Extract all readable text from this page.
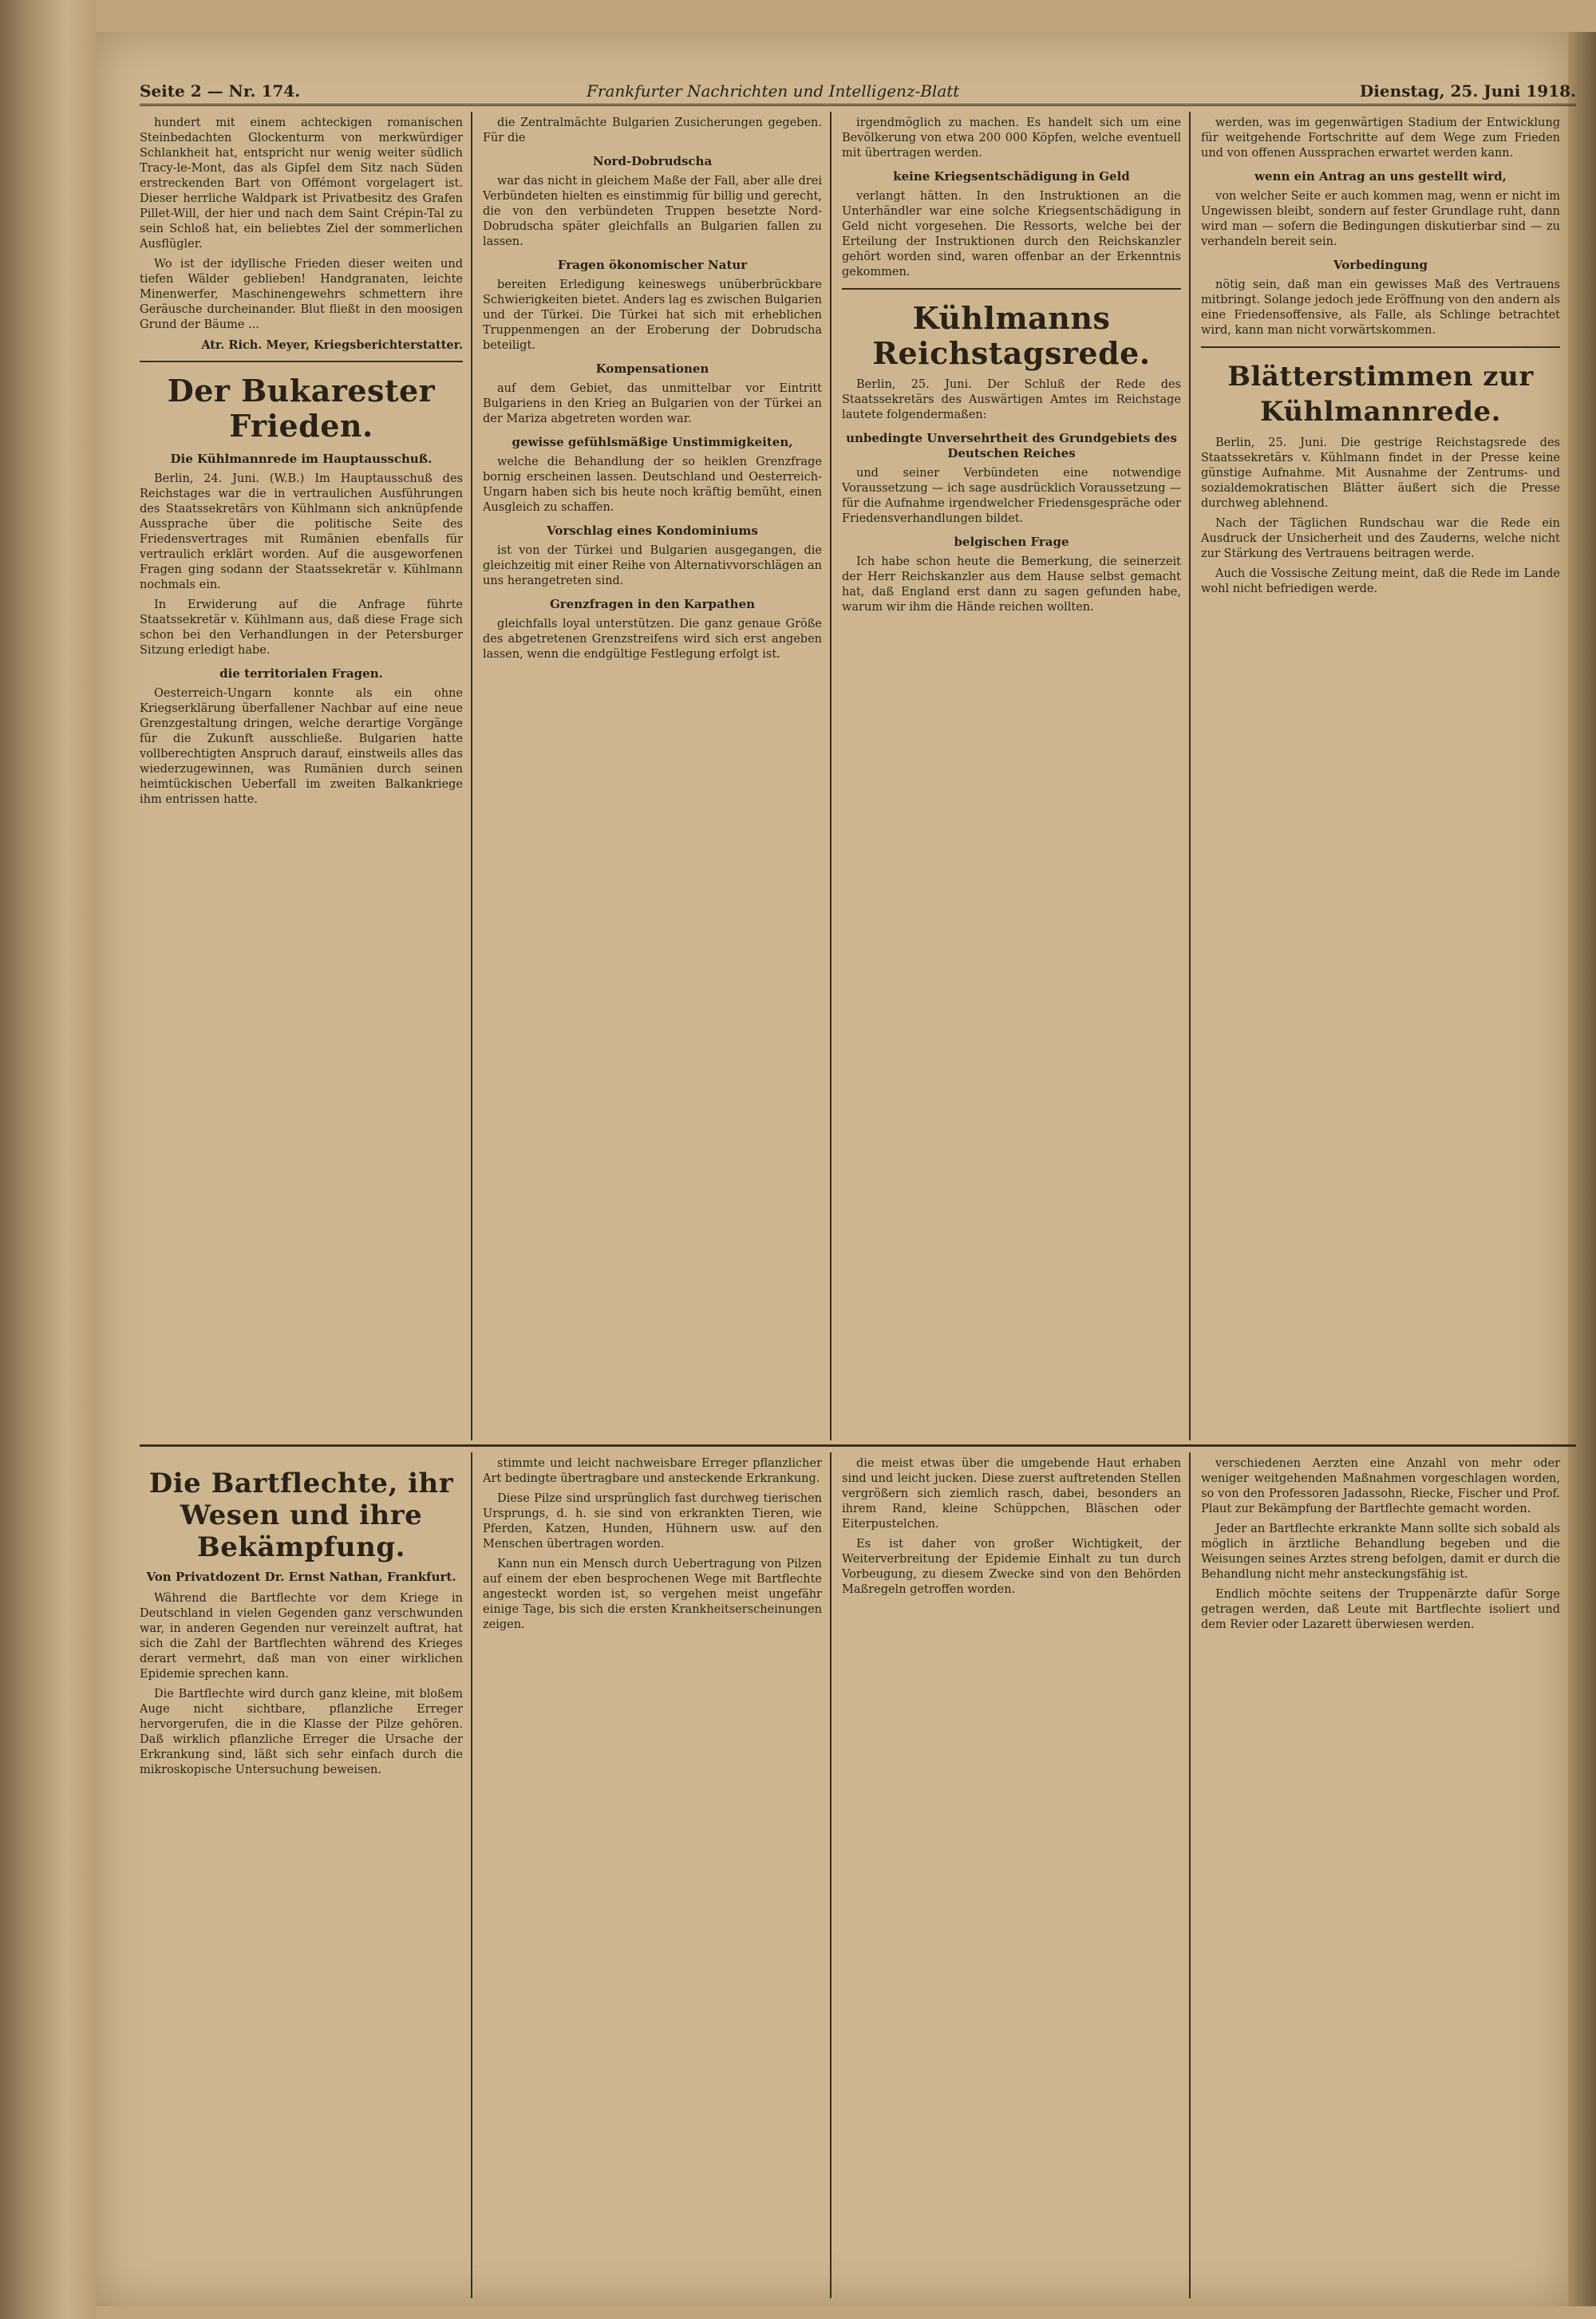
Seite 2 — Nr. 174.	Frankfurter Nachrichten und Intelligenz-Blatt	Dienstag, 25. Juni 1918.

hundert mit einem achteckigen romanischen Steinbedachten Glockenturm von merkwürdiger Schlankheit hat, entspricht nur wenig weiter südlich Tracy-le-Mont, das als Gipfel dem Sitz nach Süden erstreckenden Bart von Offémont vorgelagert ist. Dieser herrliche Waldpark ist Privatbesitz des Grafen Pillet-Will, der hier und nach dem Saint Crépin-Tal zu sein Schloß hat, ein beliebtes Ziel der sommerlichen Ausflügler.

Wo ist der idyllische Frieden dieser weiten und tiefen Wälder geblieben! Handgranaten, leichte Minenwerfer, Maschinengewehrs schmettern ihre Geräusche durcheinander. Blut fließt in den moosigen Grund der Bäume ...

Atr. Rich. Meyer, Kriegsberichterstatter.
Der Bukarester Frieden.
Die Kühlmannrede im Hauptausschuß.

Berlin, 24. Juni. (W.B.) Im Hauptausschuß des Reichstages war die in vertraulichen Ausführungen des Staatssekretärs von Kühlmann sich anknüpfende Aussprache über die politische Seite des Friedensvertrages mit Rumänien ebenfalls für vertraulich erklärt worden. Auf die ausgeworfenen Fragen ging sodann der Staatssekretär v. Kühlmann nochmals ein.

In Erwiderung auf die Anfrage führte Staatssekretär v. Kühlmann aus, daß diese Frage sich schon bei den Verhandlungen in der Petersburger Sitzung erledigt habe.

die territorialen Fragen.

Oesterreich-Ungarn konnte als ein ohne Kriegserklärung überfallener Nachbar auf eine neue Grenzgestaltung dringen, welche derartige Vorgänge für die Zukunft ausschließe. Bulgarien hatte vollberechtigten Anspruch darauf, einstweils alles das wiederzugewinnen, was Rumänien durch seinen heimtückischen Ueberfall im zweiten Balkankriege ihm entrissen hatte.

die Zentralmächte Bulgarien Zusicherungen gegeben. Für die

Nord-Dobrudscha

war das nicht in gleichem Maße der Fall, aber alle drei Verbündeten hielten es einstimmig für billig und gerecht, die von den verbündeten Truppen besetzte Nord-Dobrudscha später gleichfalls an Bulgarien fallen zu lassen.

Fragen ökonomischer Natur

bereiten Erledigung keineswegs unüberbrückbare Schwierigkeiten bietet. Anders lag es zwischen Bulgarien und der Türkei. Die Türkei hat sich mit erheblichen Truppenmengen an der Eroberung der Dobrudscha beteiligt.

Kompensationen

auf dem Gebiet, das unmittelbar vor Eintritt Bulgariens in den Krieg an Bulgarien von der Türkei an der Mariza abgetreten worden war.

gewisse gefühlsmäßige Unstimmigkeiten,

welche die Behandlung der so heiklen Grenzfrage bornig erscheinen lassen. Deutschland und Oesterreich-Ungarn haben sich bis heute noch kräftig bemüht, einen Ausgleich zu schaffen.

Vorschlag eines Kondominiums

ist von der Türkei und Bulgarien ausgegangen, die gleichzeitig mit einer Reihe von Alternativvorschlägen an uns herangetreten sind.

Grenzfragen in den Karpathen

gleichfalls loyal unterstützen. Die ganz genaue Größe des abgetretenen Grenzstreifens wird sich erst angeben lassen, wenn die endgültige Festlegung erfolgt ist.

irgendmöglich zu machen. Es handelt sich um eine Bevölkerung von etwa 200 000 Köpfen, welche eventuell mit übertragen werden.

keine Kriegsentschädigung in Geld

verlangt hätten. In den Instruktionen an die Unterhändler war eine solche Kriegsentschädigung in Geld nicht vorgesehen. Die Ressorts, welche bei der Erteilung der Instruktionen durch den Reichskanzler gehört worden sind, waren offenbar an der Erkenntnis gekommen.

Kühlmanns Reichstagsrede.

Berlin, 25. Juni. Der Schluß der Rede des Staatssekretärs des Auswärtigen Amtes im Reichstage lautete folgendermaßen:

unbedingte Unversehrtheit des Grundgebiets des Deutschen Reiches

und seiner Verbündeten eine notwendige Voraussetzung — ich sage ausdrücklich Voraussetzung — für die Aufnahme irgendwelcher Friedensgespräche oder Friedensverhandlungen bildet.

belgischen Frage

Ich habe schon heute die Bemerkung, die seinerzeit der Herr Reichskanzler aus dem Hause selbst gemacht hat, daß England erst dann zu sagen gefunden habe, warum wir ihm die Hände reichen wollten.

werden, was im gegenwärtigen Stadium der Entwicklung für weitgehende Fortschritte auf dem Wege zum Frieden und von offenen Aussprachen erwartet werden kann.

wenn ein Antrag an uns gestellt wird,

von welcher Seite er auch kommen mag, wenn er nicht im Ungewissen bleibt, sondern auf fester Grundlage ruht, dann wird man — sofern die Bedingungen diskutierbar sind — zu verhandeln bereit sein.

Vorbedingung

nötig sein, daß man ein gewisses Maß des Vertrauens mitbringt. Solange jedoch jede Eröffnung von den andern als eine Friedensoffensive, als Falle, als Schlinge betrachtet wird, kann man nicht vorwärtskommen.

Blätterstimmen zur Kühlmannrede.

Berlin, 25. Juni. Die gestrige Reichstagsrede des Staatssekretärs v. Kühlmann findet in der Presse keine günstige Aufnahme. Mit Ausnahme der Zentrums- und sozialdemokratischen Blätter äußert sich die Presse durchweg ablehnend.

Nach der Täglichen Rundschau war die Rede ein Ausdruck der Unsicherheit und des Zauderns, welche nicht zur Stärkung des Vertrauens beitragen werde.

Auch die Vossische Zeitung meint, daß die Rede im Lande wohl nicht befriedigen werde.

Die Bartflechte, ihr Wesen und ihre Bekämpfung.
Von Privatdozent Dr. Ernst Nathan, Frankfurt.

Während die Bartflechte vor dem Kriege in Deutschland in vielen Gegenden ganz verschwunden war, in anderen Gegenden nur vereinzelt auftrat, hat sich die Zahl der Bartflechten während des Krieges derart vermehrt, daß man von einer wirklichen Epidemie sprechen kann.

Die Bartflechte wird durch ganz kleine, mit bloßem Auge nicht sichtbare, pflanzliche Erreger hervorgerufen, die in die Klasse der Pilze gehören. Daß wirklich pflanzliche Erreger die Ursache der Erkrankung sind, läßt sich sehr einfach durch die mikroskopische Untersuchung beweisen.

stimmte und leicht nachweisbare Erreger pflanzlicher Art bedingte übertragbare und ansteckende Erkrankung.

Diese Pilze sind ursprünglich fast durchweg tierischen Ursprungs, d. h. sie sind von erkrankten Tieren, wie Pferden, Katzen, Hunden, Hühnern usw. auf den Menschen übertragen worden.

Kann nun ein Mensch durch Uebertragung von Pilzen auf einem der eben besprochenen Wege mit Bartflechte angesteckt worden ist, so vergehen meist ungefähr einige Tage, bis sich die ersten Krankheitserscheinungen zeigen.

die meist etwas über die umgebende Haut erhaben sind und leicht jucken. Diese zuerst auftretenden Stellen vergrößern sich ziemlich rasch, dabei, besonders an ihrem Rand, kleine Schüppchen, Bläschen oder Eiterpustelchen.

Es ist daher von großer Wichtigkeit, der Weiterverbreitung der Epidemie Einhalt zu tun durch Vorbeugung, zu diesem Zwecke sind von den Behörden Maßregeln getroffen worden.

verschiedenen Aerzten eine Anzahl von mehr oder weniger weitgehenden Maßnahmen vorgeschlagen worden, so von den Professoren Jadassohn, Riecke, Fischer und Prof. Plaut zur Bekämpfung der Bartflechte gemacht worden.

Jeder an Bartflechte erkrankte Mann sollte sich sobald als möglich in ärztliche Behandlung begeben und die Weisungen seines Arztes streng befolgen, damit er durch die Behandlung nicht mehr ansteckungsfähig ist.

Endlich möchte seitens der Truppenärzte dafür Sorge getragen werden, daß Leute mit Bartflechte isoliert und dem Revier oder Lazarett überwiesen werden.
